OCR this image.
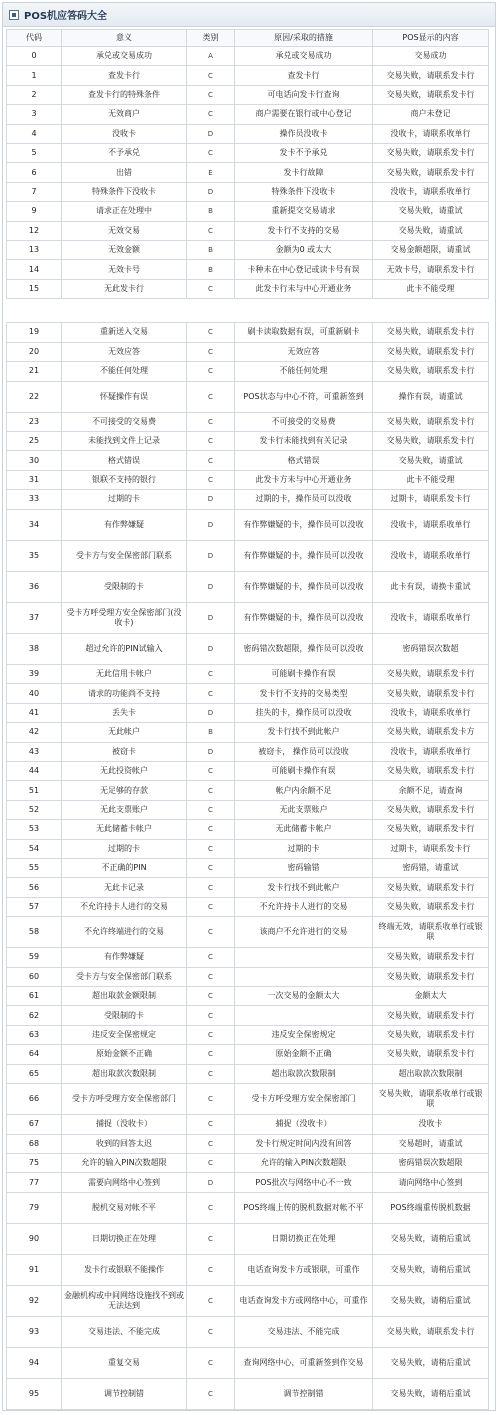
POS机应答码大全
代码	意义	类别	原因/采取的措施	POS显示的内容
0	承兑或交易成功	A	承兑或交易成功	交易成功
1	查发卡行	C	查发卡行	交易失败，请联系发卡行
2	查发卡行的特殊条件	C	可电话向发卡行查询	交易失败，请联系发卡行
3	无效商户	C	商户需要在银行或中心登记	商户未登记
4	没收卡	D	操作员没收卡	没收卡，请联系收单行
5	不予承兑	C	发卡不予承兑	交易失败，请联系发卡行
6	出错	E	发卡行故障	交易失败，请联系发卡行
7	特殊条件下没收卡	D	特殊条件下没收卡	没收卡，请联系收单行
9	请求正在处理中	B	重新提交交易请求	交易失败，请重试
12	无效交易	C	发卡行不支持的交易	交易失败，请重试
13	无效金额	B	金额为0 或太大	交易金额超限，请重试
14	无效卡号	B	卡种未在中心登记或读卡号有误	无效卡号，请联系发卡行
15	无此发卡行	C	此发卡行未与中心开通业务	此卡不能受理

19	重新送入交易	C	刷卡读取数据有误，可重新刷卡	交易失败，请联系发卡行
20	无效应答	C	无效应答	交易失败，请联系发卡行
21	不能任何处理	C	不能任何处理	交易失败，请联系发卡行
22	怀疑操作有误	C	POS状态与中心不符，可重新签到	操作有误，请重试
23	不可接受的交易费	C	不可接受的交易费	交易失败，请联系发卡行
25	未能找到文件上记录	C	发卡行未能找到有关记录	交易失败，请联系发卡行
30	格式错误	C	格式错误	交易失败，请重试
31	银联不支持的银行	C	此发卡方未与中心开通业务	此卡不能受理
33	过期的卡	D	过期的卡，操作员可以没收	过期卡，请联系发卡行
34	有作弊嫌疑	D	有作弊嫌疑的卡，操作员可以没收	没收卡，请联系收单行
35	受卡方与安全保密部门联系	D	有作弊嫌疑的卡，操作员可以没收	没收卡，请联系收单行
36	受限制的卡	D	有作弊嫌疑的卡，操作员可以没收	此卡有误，请换卡重试
37	受卡方呼受理方安全保密部门(没收卡)	D	有作弊嫌疑的卡，操作员可以没收	没收卡，请联系收单行
38	超过允许的PIN试输入	D	密码错次数超限，操作员可以没收	密码错误次数超
39	无此信用卡帐户	C	可能刷卡操作有误	交易失败，请联系发卡行
40	请求的功能尚不支持	C	发卡行不支持的交易类型	交易失败，请联系发卡行
41	丢失卡	D	挂失的卡，操作员可以没收	没收卡，请联系收单行
42	无此帐户	B	发卡行找不到此帐户	交易失败，请联系发卡方
43	被窃卡	D	被窃卡， 操作员可以没收	没收卡，请联系收单行
44	无此投资帐户	C	可能刷卡操作有误	交易失败，请联系发卡行
51	无足够的存款	C	帐户内余额不足	余额不足，请查询
52	无此支票账户	C	无此支票账户	交易失败，请联系发卡行
53	无此储蓄卡帐户	C	无此储蓄卡帐户	交易失败，请联系发卡行
54	过期的卡	C	过期的卡	过期卡，请联系发卡行
55	不正确的PIN	C	密码输错	密码错，请重试
56	无此卡记录	C	发卡行找不到此帐户	交易失败，请联系发卡行
57	不允许持卡人进行的交易	C	不允许持卡人进行的交易	交易失败，请联系发卡行
58	不允许终端进行的交易	C	该商户不允许进行的交易	终端无效，请联系收单行或银联
59	有作弊嫌疑	C		交易失败，请联系发卡行
60	受卡方与安全保密部门联系	C		交易失败，请联系发卡行
61	超出取款金额限制	C	一次交易的金额太大	金额太大
62	受限制的卡	C		交易失败，请联系发卡行
63	违反安全保密规定	C	违反安全保密规定	交易失败，请联系发卡行
64	原始金额不正确	C	原始金额不正确	交易失败，请联系发卡行
65	超出取款次数限制	C	超出取款次数限制	超出取款次数限制
66	受卡方呼受理方安全保密部门	C	受卡方呼受理方安全保密部门	交易失败，请联系收单行或银联
67	捕捉（没收卡）	C	捕捉（没收卡）	没收卡
68	收到的回答太迟	C	发卡行规定时间内没有回答	交易超时，请重试
75	允许的输入PIN次数超限	C	允许的输入PIN次数超限	密码错误次数超限
77	需要向网络中心签到	D	POS批次与网络中心不一致	请向网络中心签到
79	脱机交易对帐不平	C	POS终端上传的脱机数据对帐不平	POS终端重传脱机数据
90	日期切换正在处理	C	日期切换正在处理	交易失败，请稍后重试
91	发卡行或银联不能操作	C	电话查询发卡方或银联，可重作	交易失败，请稍后重试
92	金融机构或中间网络设施找不到或无法达到	C	电话查询发卡方或网络中心，可重作	交易失败，请稍后重试
93	交易违法、不能完成	C	交易违法、不能完成	交易失败，请联系发卡行
94	重复交易	C	查询网络中心，可重新签到作交易	交易失败，请稍后重试
95	调节控制错	C	调节控制错	交易失败，请稍后重试
